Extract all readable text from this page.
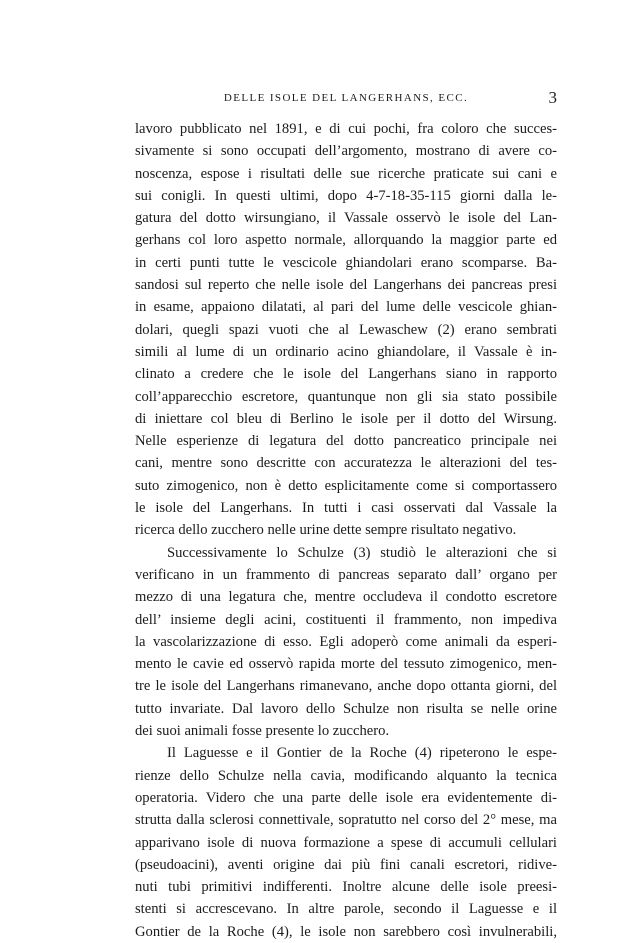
DELLE ISOLE DEL LANGERHANS, ECC.	3
lavoro pubblicato nel 1891, e di cui pochi, fra coloro che succes-
sivamente si sono occupati dell’argomento, mostrano di avere co-
noscenza, espose i risultati delle sue ricerche praticate sui cani e
sui conigli. In questi ultimi, dopo 4-7-18-35-115 giorni dalla le-
gatura del dotto wirsungiano, il Vassale osservò le isole del Lan-
gerhans col loro aspetto normale, allorquando la maggior parte ed
in certi punti tutte le vescicole ghiandolari erano scomparse. Ba-
sandosi sul reperto che nelle isole del Langerhans dei pancreas presi
in esame, appaiono dilatati, al pari del lume delle vescicole ghian-
dolari, quegli spazi vuoti che al Lewaschew (2) erano sembrati
simili al lume di un ordinario acino ghiandolare, il Vassale è in-
clinato a credere che le isole del Langerhans siano in rapporto
coll’apparecchio escretore, quantunque non gli sia stato possibile
di iniettare col bleu di Berlino le isole per il dotto del Wirsung.
Nelle esperienze di legatura del dotto pancreatico principale nei
cani, mentre sono descritte con accuratezza le alterazioni del tes-
suto zimogenico, non è detto esplicitamente come si comportassero
le isole del Langerhans. In tutti i casi osservati dal Vassale la
ricerca dello zucchero nelle urine dette sempre risultato negativo.
Successivamente lo Schulze (3) studiò le alterazioni che si
verificano in un frammento di pancreas separato dall’ organo per
mezzo di una legatura che, mentre occludeva il condotto escretore
dell’ insieme degli acini, costituenti il frammento, non impediva
la vascolarizzazione di esso. Egli adoperò come animali da esperi-
mento le cavie ed osservò rapida morte del tessuto zimogenico, men-
tre le isole del Langerhans rimanevano, anche dopo ottanta giorni, del
tutto invariate. Dal lavoro dello Schulze non risulta se nelle orine
dei suoi animali fosse presente lo zucchero.
Il Laguesse e il Gontier de la Roche (4) ripeterono le espe-
rienze dello Schulze nella cavia, modificando alquanto la tecnica
operatoria. Videro che una parte delle isole era evidentemente di-
strutta dalla sclerosi connettivale, sopratutto nel corso del 2° mese, ma
apparivano isole di nuova formazione a spese di accumuli cellulari
(pseudoacini), aventi origine dai più fini canali escretori, ridive-
nuti tubi primitivi indifferenti. Inoltre alcune delle isole preesi-
stenti si accrescevano. In altre parole, secondo il Laguesse e il
Gontier de la Roche (4), le isole non sarebbero così invulnerabili,
